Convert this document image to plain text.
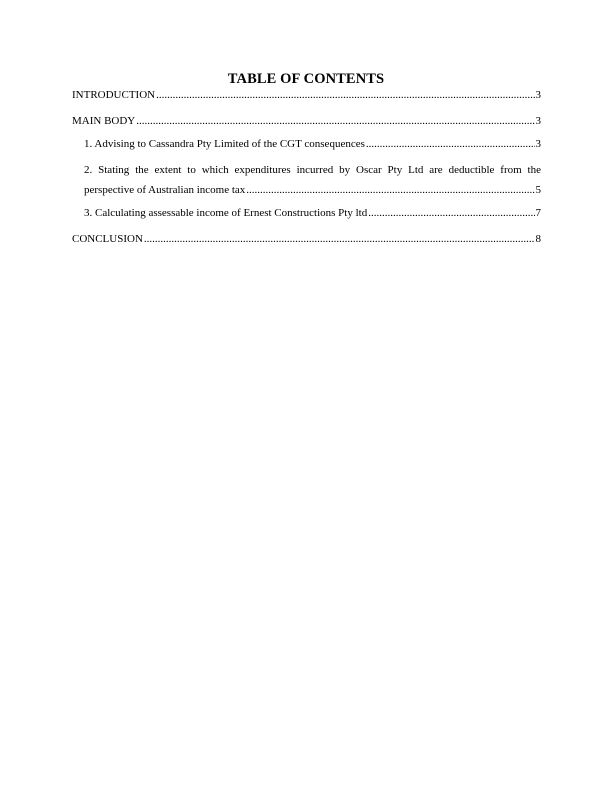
TABLE OF CONTENTS
INTRODUCTION .....	3
MAIN BODY .....	3
1. Advising to Cassandra Pty Limited of the CGT consequences .....	3
2. Stating the extent to which expenditures incurred by Oscar Pty Ltd are deductible from the
perspective of Australian income tax .....	5
3. Calculating assessable income of Ernest Constructions Pty ltd .....	7
CONCLUSION .....	8
